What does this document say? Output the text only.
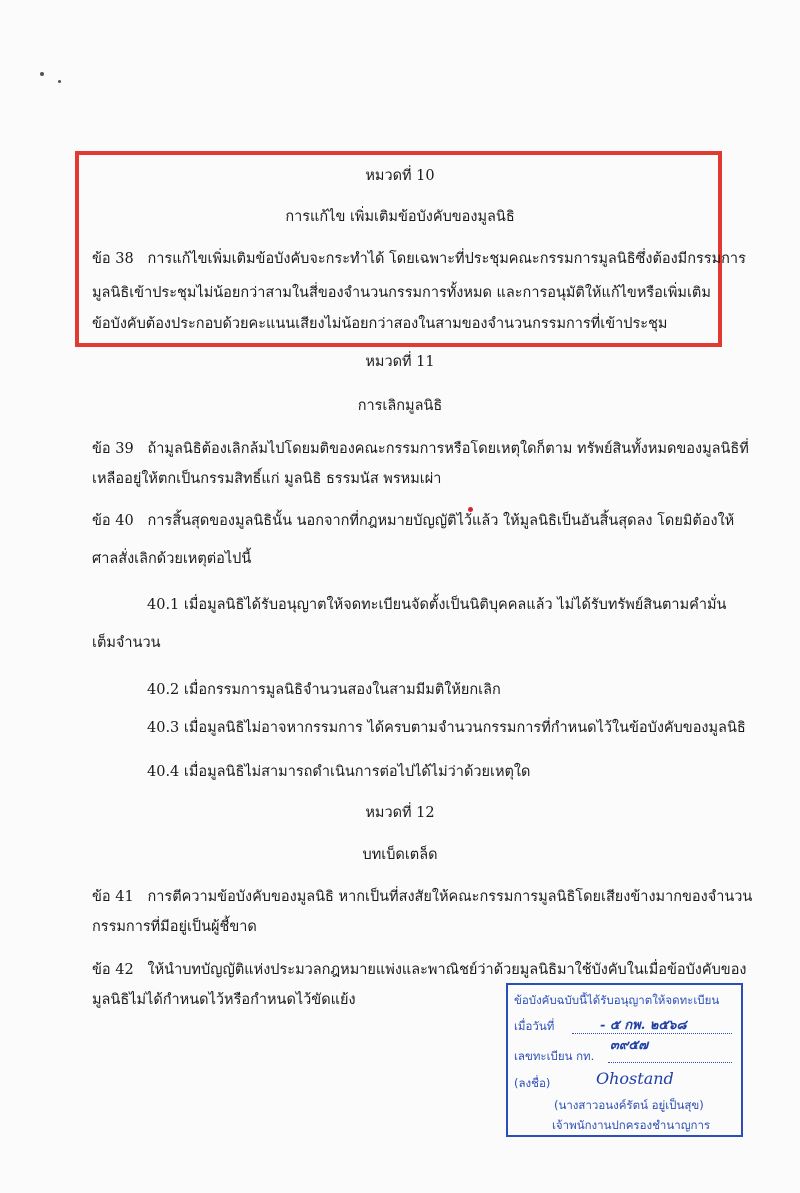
หมวดที่ 10
การแก้ไข เพิ่มเติมข้อบังคับของมูลนิธิ
ข้อ 38 การแก้ไขเพิ่มเติมข้อบังคับจะกระทำได้ โดยเฉพาะที่ประชุมคณะกรรมการมูลนิธิซึ่งต้องมีกรรมการ
มูลนิธิเข้าประชุมไม่น้อยกว่าสามในสี่ของจำนวนกรรมการทั้งหมด และการอนุมัติให้แก้ไขหรือเพิ่มเติม
ข้อบังคับต้องประกอบด้วยคะแนนเสียงไม่น้อยกว่าสองในสามของจำนวนกรรมการที่เข้าประชุม
หมวดที่ 11
การเลิกมูลนิธิ
ข้อ 39 ถ้ามูลนิธิต้องเลิกล้มไปโดยมติของคณะกรรมการหรือโดยเหตุใดก็ตาม ทรัพย์สินทั้งหมดของมูลนิธิที่
เหลืออยู่ให้ตกเป็นกรรมสิทธิ์แก่ มูลนิธิ ธรรมนัส พรหมเผ่า
ข้อ 40 การสิ้นสุดของมูลนิธินั้น นอกจากที่กฎหมายบัญญัติไว้แล้ว ให้มูลนิธิเป็นอันสิ้นสุดลง โดยมิต้องให้
ศาลสั่งเลิกด้วยเหตุต่อไปนี้
40.1 เมื่อมูลนิธิได้รับอนุญาตให้จดทะเบียนจัดตั้งเป็นนิติบุคคลแล้ว ไม่ได้รับทรัพย์สินตามคำมั่น
เต็มจำนวน
40.2 เมื่อกรรมการมูลนิธิจำนวนสองในสามมีมติให้ยกเลิก
40.3 เมื่อมูลนิธิไม่อาจหากรรมการ ได้ครบตามจำนวนกรรมการที่กำหนดไว้ในข้อบังคับของมูลนิธิ
40.4 เมื่อมูลนิธิไม่สามารถดำเนินการต่อไปได้ไม่ว่าด้วยเหตุใด
หมวดที่ 12
บทเบ็ดเตล็ด
ข้อ 41 การตีความข้อบังคับของมูลนิธิ หากเป็นที่สงสัยให้คณะกรรมการมูลนิธิโดยเสียงข้างมากของจำนวน
กรรมการที่มีอยู่เป็นผู้ชี้ขาด
ข้อ 42 ให้นำบทบัญญัติแห่งประมวลกฎหมายแพ่งและพาณิชย์ว่าด้วยมูลนิธิมาใช้บังคับในเมื่อข้อบังคับของ
มูลนิธิไม่ได้กำหนดไว้หรือกำหนดไว้ขัดแย้ง	ข้อบังคับฉบับนี้ได้รับอนุญาตให้จดทะเบียน
เมื่อวันที่	- ๕ กพ. ๒๕๖๘
เลขทะเบียน กท.
๓๙๕๗
(ลงชื่อ)	Ohostand
(นางสาวอนงค์รัตน์ อยู่เป็นสุข)
เจ้าพนักงานปกครองชำนาญการ
